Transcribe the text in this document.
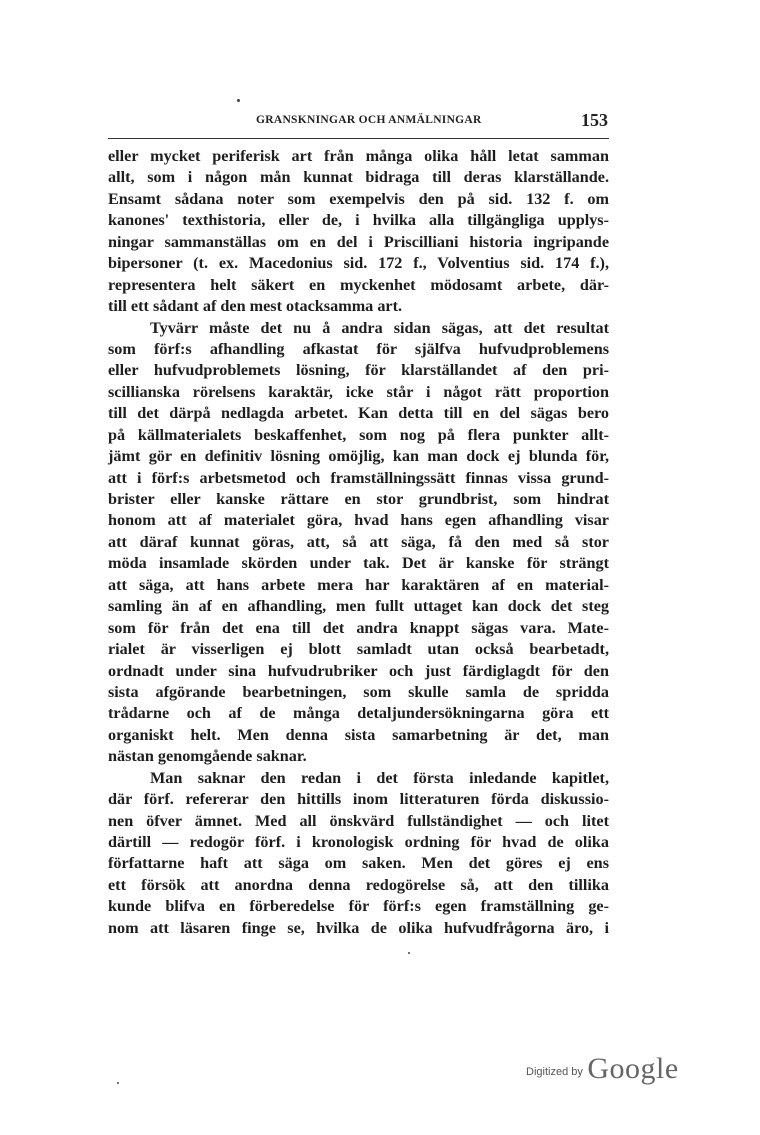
GRANSKNINGAR OCH ANMÄLNINGAR	153
eller mycket periferisk art från många olika håll letat samman
allt, som i någon mån kunnat bidraga till deras klarställande.
Ensamt sådana noter som exempelvis den på sid. 132 f. om
kanones' texthistoria, eller de, i hvilka alla tillgängliga upplys-
ningar sammanställas om en del i Priscilliani historia ingripande
bipersoner (t. ex. Macedonius sid. 172 f., Volventius sid. 174 f.),
representera helt säkert en myckenhet mödosamt arbete, där-
till ett sådant af den mest otacksamma art.
Tyvärr måste det nu å andra sidan sägas, att det resultat
som förf:s afhandling afkastat för själfva hufvudproblemens
eller hufvudproblemets lösning, för klarställandet af den pri-
scillianska rörelsens karaktär, icke står i något rätt proportion
till det därpå nedlagda arbetet. Kan detta till en del sägas bero
på källmaterialets beskaffenhet, som nog på flera punkter allt-
jämt gör en definitiv lösning omöjlig, kan man dock ej blunda för,
att i förf:s arbetsmetod och framställningssätt finnas vissa grund-
brister eller kanske rättare en stor grundbrist, som hindrat
honom att af materialet göra, hvad hans egen afhandling visar
att däraf kunnat göras, att, så att säga, få den med så stor
möda insamlade skörden under tak. Det är kanske för strängt
att säga, att hans arbete mera har karaktären af en material-
samling än af en afhandling, men fullt uttaget kan dock det steg
som för från det ena till det andra knappt sägas vara. Mate-
rialet är visserligen ej blott samladt utan också bearbetadt,
ordnadt under sina hufvudrubriker och just färdiglagdt för den
sista afgörande bearbetningen, som skulle samla de spridda
trådarne och af de många detaljundersökningarna göra ett
organiskt helt. Men denna sista samarbetning är det, man
nästan genomgående saknar.
Man saknar den redan i det första inledande kapitlet,
där förf. refererar den hittills inom litteraturen förda diskussio-
nen öfver ämnet. Med all önskvärd fullständighet — och litet
därtill — redogör förf. i kronologisk ordning för hvad de olika
författarne haft att säga om saken. Men det göres ej ens
ett försök att anordna denna redogörelse så, att den tillika
kunde blifva en förberedelse för förf:s egen framställning ge-
nom att läsaren finge se, hvilka de olika hufvudfrågorna äro, i
Digitized by Google
